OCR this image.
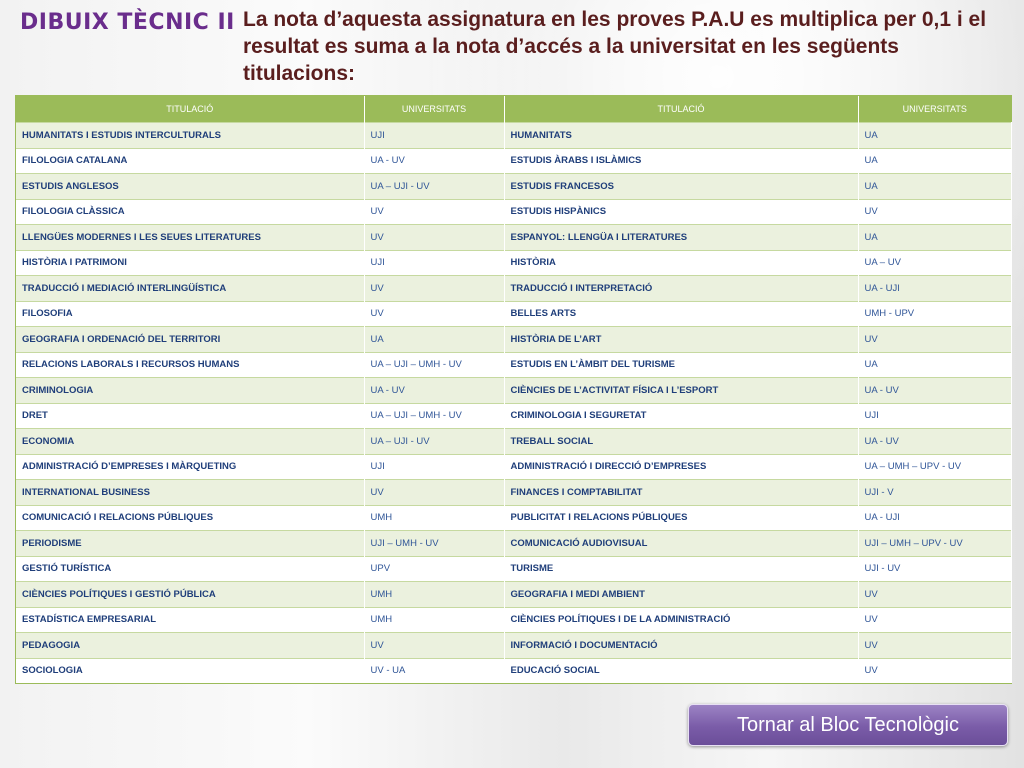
DIBUIX TÈCNIC II La nota d’aquesta assignatura en les proves P.A.U es multiplica per 0,1 i el resultat es suma a la nota d’accés a la universitat en les següents titulacions:
TITULACIÓ	UNIVERSITATS	TITULACIÓ	UNIVERSITATS
HUMANITATS I ESTUDIS INTERCULTURALS	UJI	HUMANITATS	UA
FILOLOGIA CATALANA	UA - UV	ESTUDIS ÀRABS I ISLÀMICS	UA
ESTUDIS ANGLESOS	UA – UJI - UV	ESTUDIS FRANCESOS	UA
FILOLOGIA CLÀSSICA	UV	ESTUDIS HISPÀNICS	UV
LLENGÜES MODERNES I LES SEUES LITERATURES	UV	ESPANYOL: LLENGÜA I LITERATURES	UA
HISTÒRIA I PATRIMONI	UJI	HISTÒRIA	UA – UV
TRADUCCIÓ I MEDIACIÓ INTERLINGÜÍSTICA	UV	TRADUCCIÓ I INTERPRETACIÓ	UA - UJI
FILOSOFIA	UV	BELLES ARTS	UMH - UPV
GEOGRAFIA I ORDENACIÓ DEL TERRITORI	UA	HISTÒRIA DE L’ART	UV
RELACIONS LABORALS I RECURSOS HUMANS	UA – UJI – UMH - UV	ESTUDIS EN L’ÀMBIT DEL TURISME	UA
CRIMINOLOGIA	UA - UV	CIÈNCIES DE L’ACTIVITAT FÍSICA I L’ESPORT	UA - UV
DRET	UA – UJI – UMH - UV	CRIMINOLOGIA I SEGURETAT	UJI
ECONOMIA	UA – UJI - UV	TREBALL SOCIAL	UA - UV
ADMINISTRACIÓ D’EMPRESES I MÀRQUETING	UJI	ADMINISTRACIÓ I DIRECCIÓ D’EMPRESES	UA – UMH – UPV - UV
INTERNATIONAL BUSINESS	UV	FINANCES I COMPTABILITAT	UJI - V
COMUNICACIÓ I RELACIONS PÚBLIQUES	UMH	PUBLICITAT I RELACIONS PÚBLIQUES	UA - UJI
PERIODISME	UJI – UMH - UV	COMUNICACIÓ AUDIOVISUAL	UJI – UMH – UPV - UV
GESTIÓ TURÍSTICA	UPV	TURISME	UJI - UV
CIÈNCIES POLÍTIQUES I GESTIÓ PÚBLICA	UMH	GEOGRAFIA I MEDI AMBIENT	UV
ESTADÍSTICA EMPRESARIAL	UMH	CIÈNCIES POLÍTIQUES I DE LA ADMINISTRACIÓ	UV
PEDAGOGIA	UV	INFORMACIÓ I DOCUMENTACIÓ	UV
SOCIOLOGIA	UV - UA	EDUCACIÓ SOCIAL	UV
Tornar al Bloc Tecnològic
